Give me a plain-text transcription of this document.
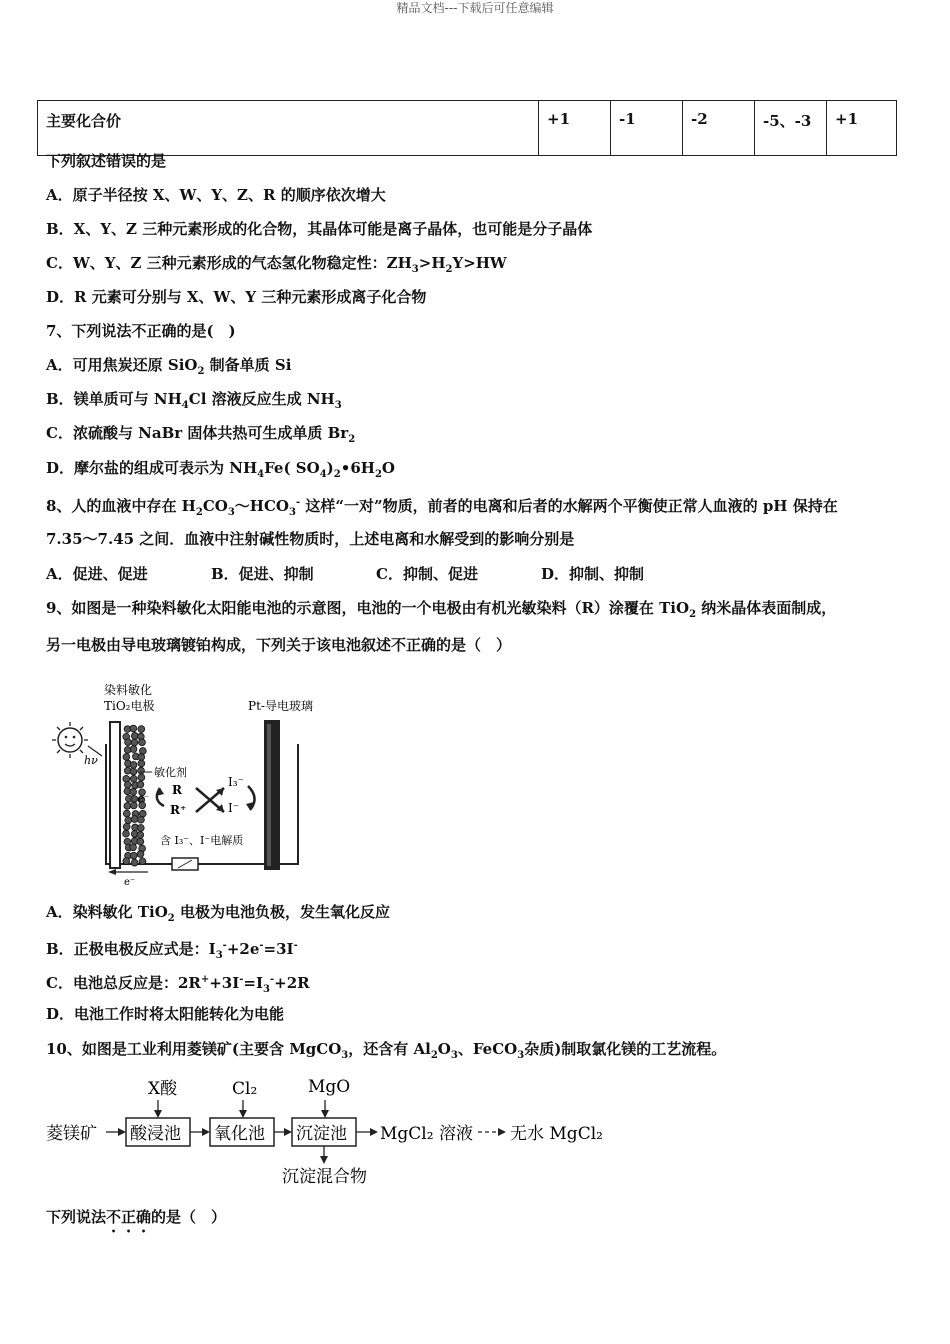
精品文档---下载后可任意编辑
主要化合价	+1	-1	-2	-5、-3	+1
下列叙述错误的是
A．原子半径按 X、W、Y、Z、R 的顺序依次增大
B．X、Y、Z 三种元素形成的化合物，其晶体可能是离子晶体，也可能是分子晶体
C．W、Y、Z 三种元素形成的气态氢化物稳定性：$ZH_3>H_2Y>HW$
D．R 元素可分别与 X、W、Y 三种元素形成离子化合物
7、下列说法不正确的是(　)
A．可用焦炭还原 SiO$_2$ 制备单质 Si
B．镁单质可与 $NH_4Cl$ 溶液反应生成 $NH_3$
C．浓硫酸与 NaBr 固体共热可生成单质 $Br_2$
D．摩尔盐的组成可表示为 $NH_4Fe$( $SO_4)_2•6H_2O$
8、人的血液中存在 $H_2CO_3\sim HCO_3^-$ 这样“一对”物质，前者的电离和后者的水解两个平衡使正常人血液的 pH 保持在
7.35～7.45 之间．血液中注射碱性物质时，上述电离和水解受到的影响分别是
A．促进、促进	B．促进、抑制	C．抑制、促进	D．抑制、抑制
9、如图是一种染料敏化太阳能电池的示意图，电池的一个电极由有机光敏染料（R）涂覆在 TiO$_2$ 纳米晶体表面制成，
另一电极由导电玻璃镀铂构成，下列关于该电池叙述不正确的是（　）
染料敏化
TiO₂电极	Pt-导电玻璃
hν
敏化剂
R
R⁺
I₃⁻
I⁻
e⁻
含 I₃⁻、I⁻电解质
e⁻
A．染料敏化 TiO$_2$ 电极为电池负极，发生氧化反应
B．正极电极反应式是：$I_3^-+2e^-=3I^-$
C．电池总反应是：$2R^++3I^-=I_3^-+2R$
D．电池工作时将太阳能转化为电能
10、如图是工业利用菱镁矿(主要含 MgCO$_3$，还含有 $Al_2O_3$、FeCO$_3$杂质)制取氯化镁的工艺流程。
X酸	Cl₂	MgO
菱镁矿 酸浸池 氧化池 沉淀池 MgCl₂ 溶液 无水 MgCl₂
沉淀混合物
下列说法不正确的是（　）
